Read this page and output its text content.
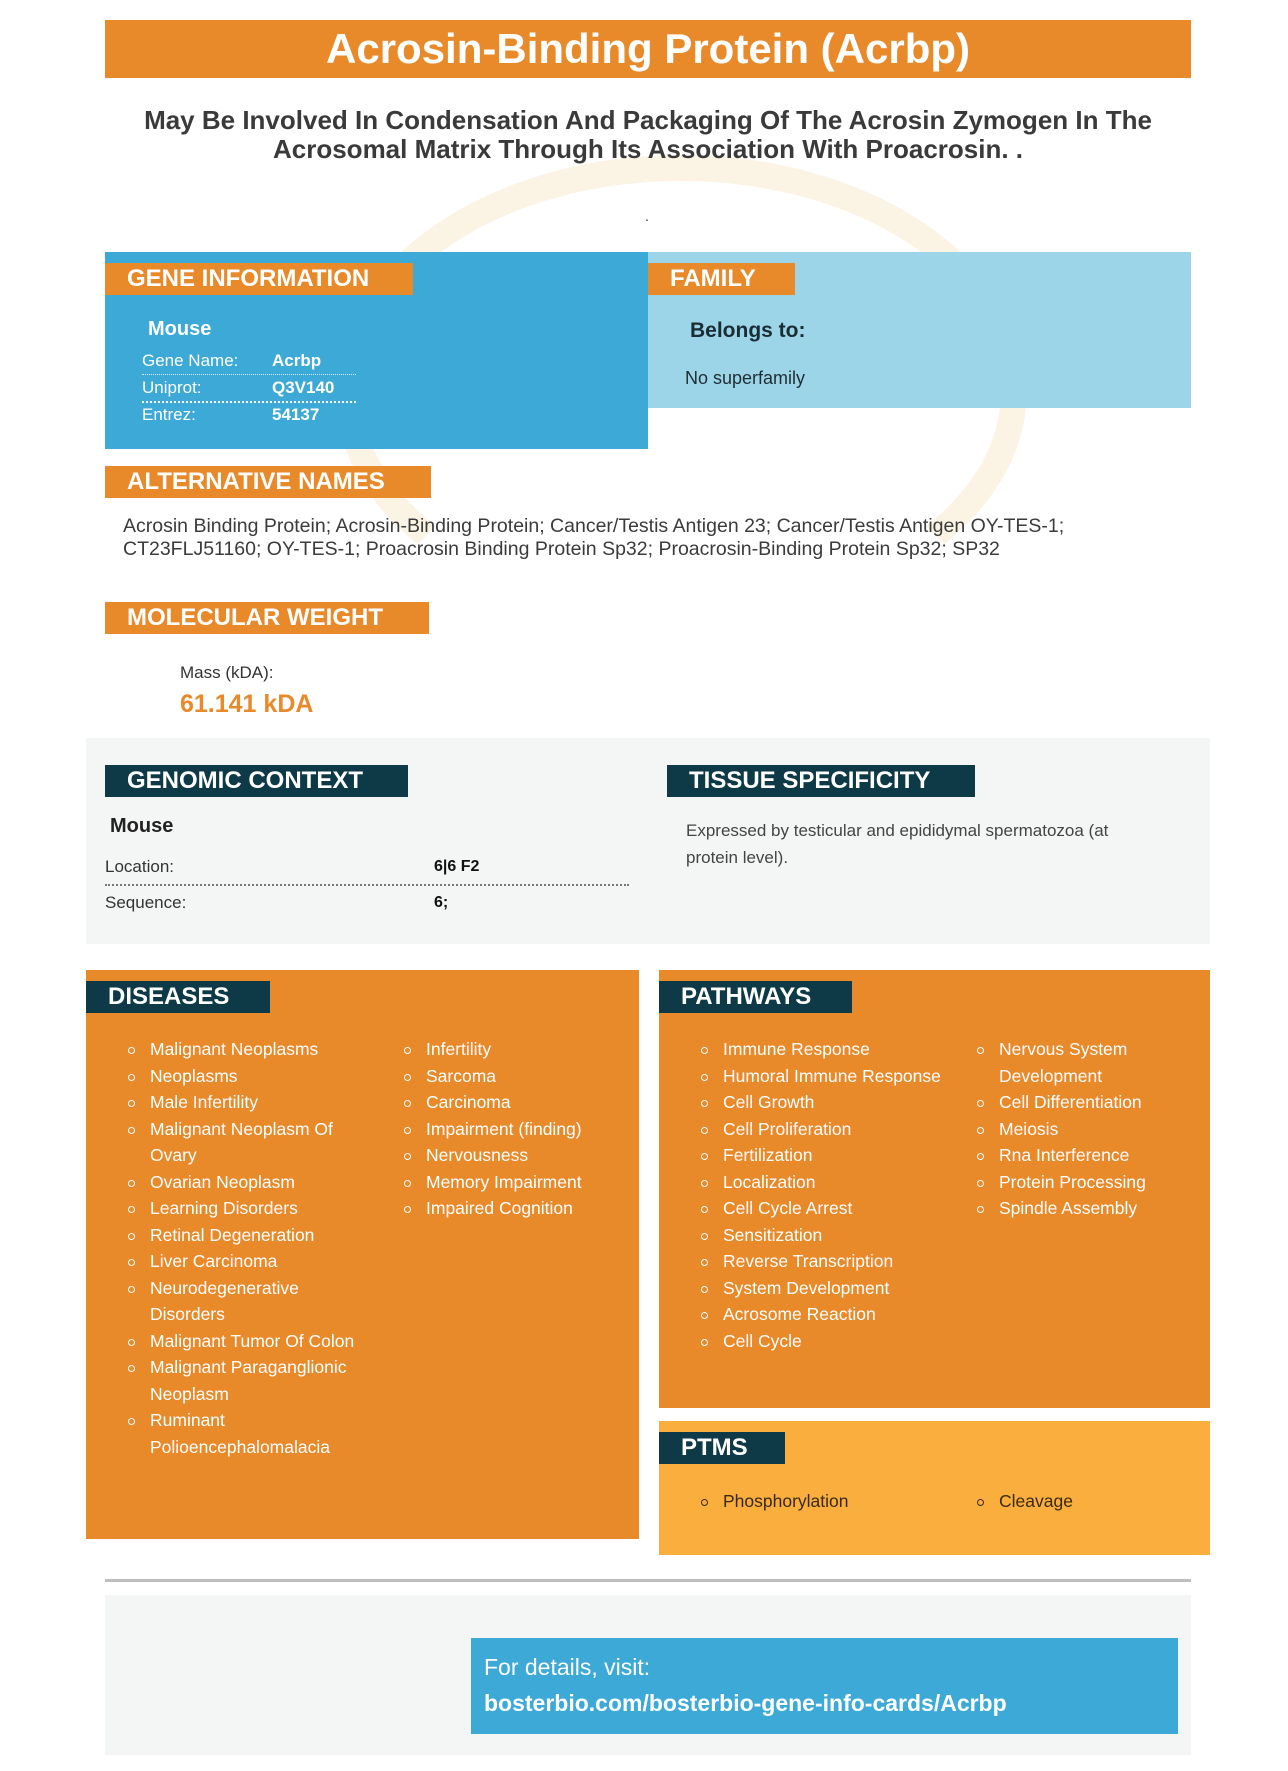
Acrosin-Binding Protein (Acrbp)
May Be Involved In Condensation And Packaging Of The Acrosin Zymogen In The Acrosomal Matrix Through Its Association With Proacrosin. .
.
GENE INFORMATION
Mouse
Gene Name: Acrbp
Uniprot:	Q3V140
Entrez:	54137
FAMILY
Belongs to:
No superfamily
ALTERNATIVE NAMES
Acrosin Binding Protein; Acrosin-Binding Protein; Cancer/Testis Antigen 23; Cancer/Testis Antigen OY-TES-1; CT23FLJ51160; OY-TES-1; Proacrosin Binding Protein Sp32; Proacrosin-Binding Protein Sp32; SP32
MOLECULAR WEIGHT
Mass (kDA):
61.141 kDA
GENOMIC CONTEXT
Mouse
Location:	6|6 F2
Sequence:	6;
TISSUE SPECIFICITY
Expressed by testicular and epididymal spermatozoa (at protein level).
DISEASES
Malignant Neoplasms
Neoplasms
Male Infertility
Malignant Neoplasm Of Ovary
Ovarian Neoplasm
Learning Disorders
Retinal Degeneration
Liver Carcinoma
Neurodegenerative Disorders
Malignant Tumor Of Colon
Malignant Paraganglionic Neoplasm
Ruminant Polioencephalomalacia
Infertility
Sarcoma
Carcinoma
Impairment (finding)
Nervousness
Memory Impairment
Impaired Cognition
PATHWAYS
Immune Response
Humoral Immune Response
Cell Growth
Cell Proliferation
Fertilization
Localization
Cell Cycle Arrest
Sensitization
Reverse Transcription
System Development
Acrosome Reaction
Cell Cycle
Nervous System Development
Cell Differentiation
Meiosis
Rna Interference
Protein Processing
Spindle Assembly
PTMS
Phosphorylation	Cleavage
For details, visit:
bosterbio.com/bosterbio-gene-info-cards/Acrbp
